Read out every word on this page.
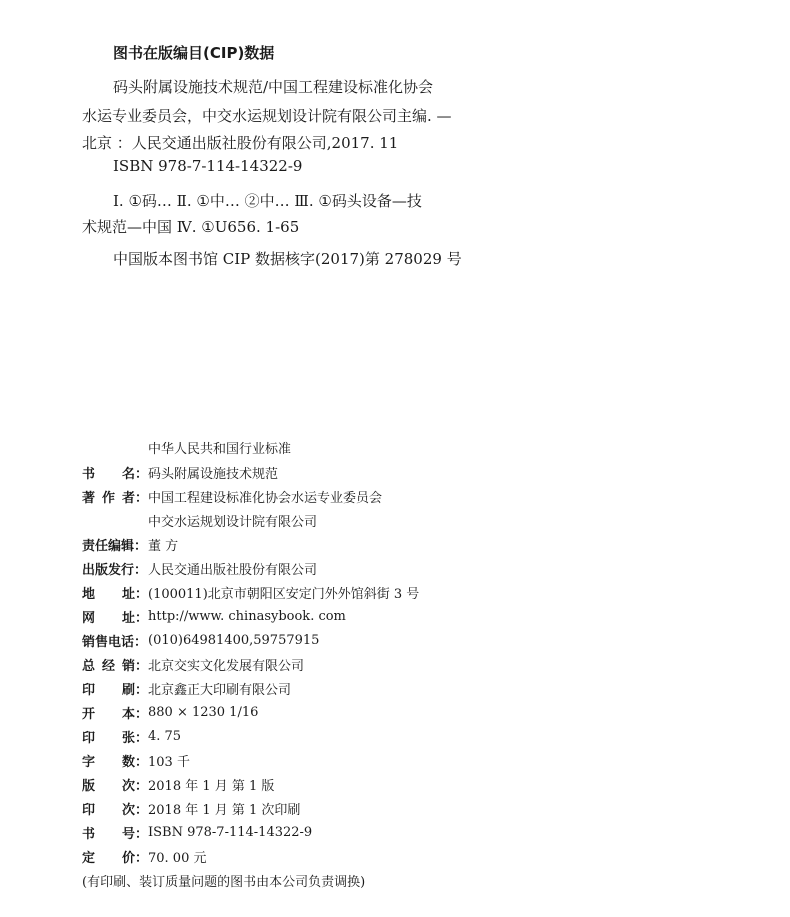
图书在版编目(CIP)数据
码头附属设施技术规范/中国工程建设标准化协会
水运专业委员会，中交水运规划设计院有限公司主编. —
北京 ：人民交通出版社股份有限公司,2017. 11
ISBN 978-7-114-14322-9
Ⅰ. ①码… Ⅱ. ①中… ②中… Ⅲ. ①码头设备—技
术规范—中国 Ⅳ. ①U656. 1-65
中国版本图书馆 CIP 数据核字(2017)第 278029 号
中华人民共和国行业标准
书 名： 码头附属设施技术规范
著 作 者： 中国工程建设标准化协会水运专业委员会
中交水运规划设计院有限公司
责任编辑： 董 方
出版发行： 人民交通出版社股份有限公司
地 址： (100011)北京市朝阳区安定门外外馆斜街 3 号
网 址： http://www. chinasybook. com
销售电话： (010)64981400,59757915
总 经 销： 北京交实文化发展有限公司
印 刷： 北京鑫正大印刷有限公司
开 本： 880 × 1230 1/16
印 张： 4. 75
字 数： 103 千
版 次： 2018 年 1 月 第 1 版
印 次： 2018 年 1 月 第 1 次印刷
书 号： ISBN 978-7-114-14322-9
定 价： 70. 00 元
(有印刷、装订质量问题的图书由本公司负责调换)
